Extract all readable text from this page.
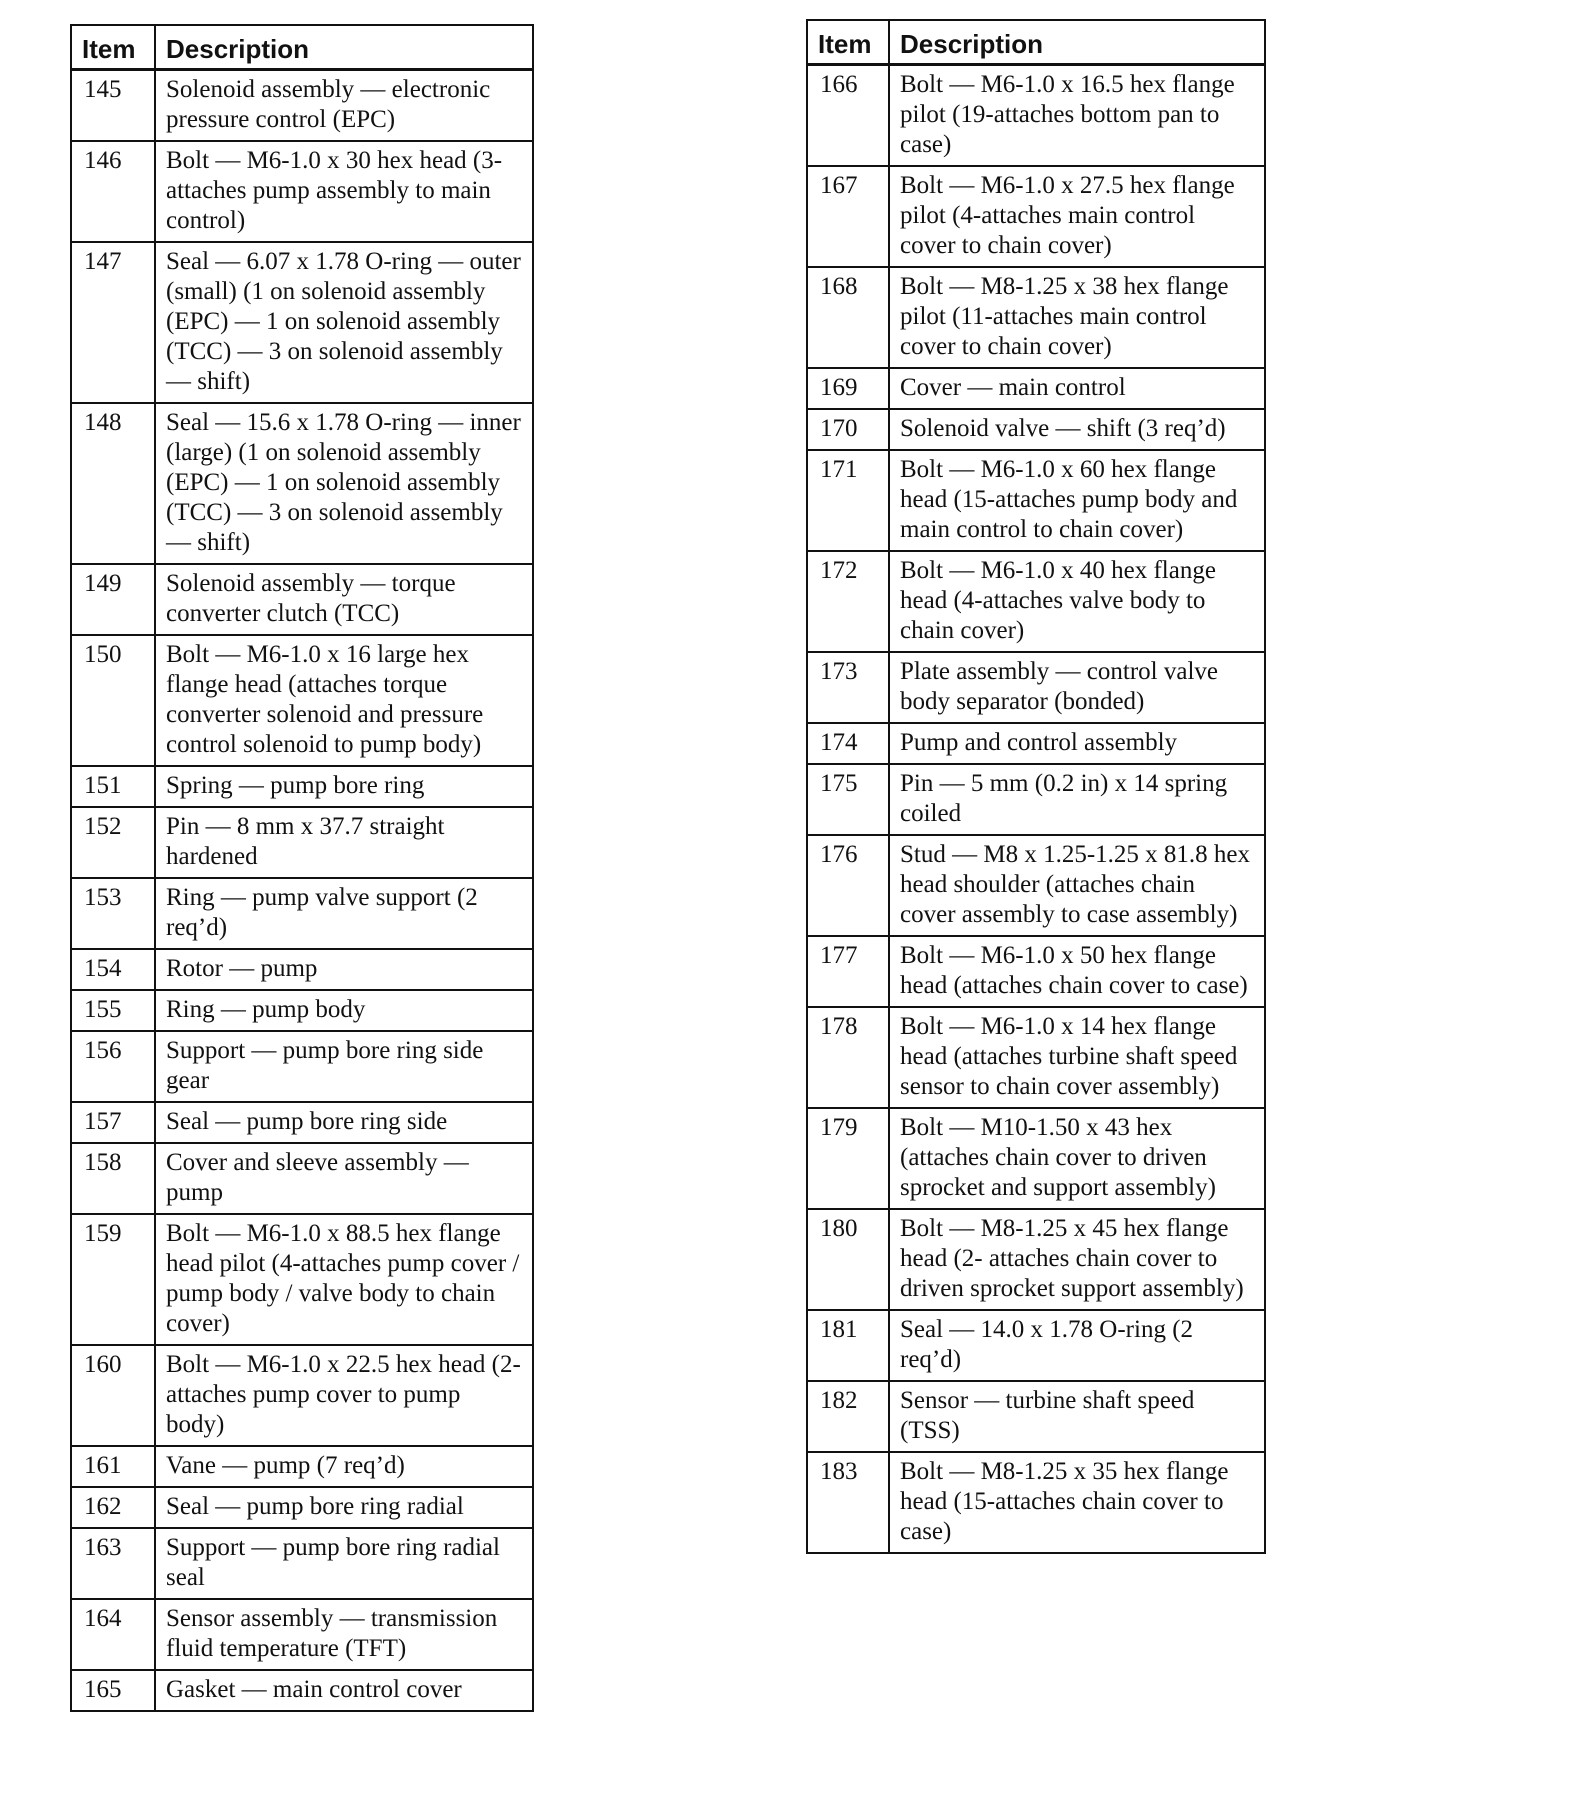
Item	Description
145	Solenoid assembly — electronic pressure control (EPC)
146	Bolt — M6-1.0 x 30 hex head (3-attaches pump assembly to main control)
147	Seal — 6.07 x 1.78 O-ring — outer (small) (1 on solenoid assembly (EPC) — 1 on solenoid assembly (TCC) — 3 on solenoid assembly — shift)
148	Seal — 15.6 x 1.78 O-ring — inner (large) (1 on solenoid assembly (EPC) — 1 on solenoid assembly (TCC) — 3 on solenoid assembly — shift)
149	Solenoid assembly — torque converter clutch (TCC)
150	Bolt — M6-1.0 x 16 large hex flange head (attaches torque converter solenoid and pressure control solenoid to pump body)
151	Spring — pump bore ring
152	Pin — 8 mm x 37.7 straight hardened
153	Ring — pump valve support (2 req’d)
154	Rotor — pump
155	Ring — pump body
156	Support — pump bore ring side gear
157	Seal — pump bore ring side
158	Cover and sleeve assembly — pump
159	Bolt — M6-1.0 x 88.5 hex flange head pilot (4-attaches pump cover / pump body / valve body to chain cover)
160	Bolt — M6-1.0 x 22.5 hex head (2-attaches pump cover to pump body)
161	Vane — pump (7 req’d)
162	Seal — pump bore ring radial
163	Support — pump bore ring radial seal
164	Sensor assembly — transmission fluid temperature (TFT)
165	Gasket — main control cover
Item	Description
166	Bolt — M6-1.0 x 16.5 hex flange pilot (19-attaches bottom pan to case)
167	Bolt — M6-1.0 x 27.5 hex flange pilot (4-attaches main control cover to chain cover)
168	Bolt — M8-1.25 x 38 hex flange pilot (11-attaches main control cover to chain cover)
169	Cover — main control
170	Solenoid valve — shift (3 req’d)
171	Bolt — M6-1.0 x 60 hex flange head (15-attaches pump body and main control to chain cover)
172	Bolt — M6-1.0 x 40 hex flange head (4-attaches valve body to chain cover)
173	Plate assembly — control valve body separator (bonded)
174	Pump and control assembly
175	Pin — 5 mm (0.2 in) x 14 spring coiled
176	Stud — M8 x 1.25-1.25 x 81.8 hex head shoulder (attaches chain cover assembly to case assembly)
177	Bolt — M6-1.0 x 50 hex flange head (attaches chain cover to case)
178	Bolt — M6-1.0 x 14 hex flange head (attaches turbine shaft speed sensor to chain cover assembly)
179	Bolt — M10-1.50 x 43 hex (attaches chain cover to driven sprocket and support assembly)
180	Bolt — M8-1.25 x 45 hex flange head (2- attaches chain cover to driven sprocket support assembly)
181	Seal — 14.0 x 1.78 O-ring (2 req’d)
182	Sensor — turbine shaft speed (TSS)
183	Bolt — M8-1.25 x 35 hex flange head (15-attaches chain cover to case)
